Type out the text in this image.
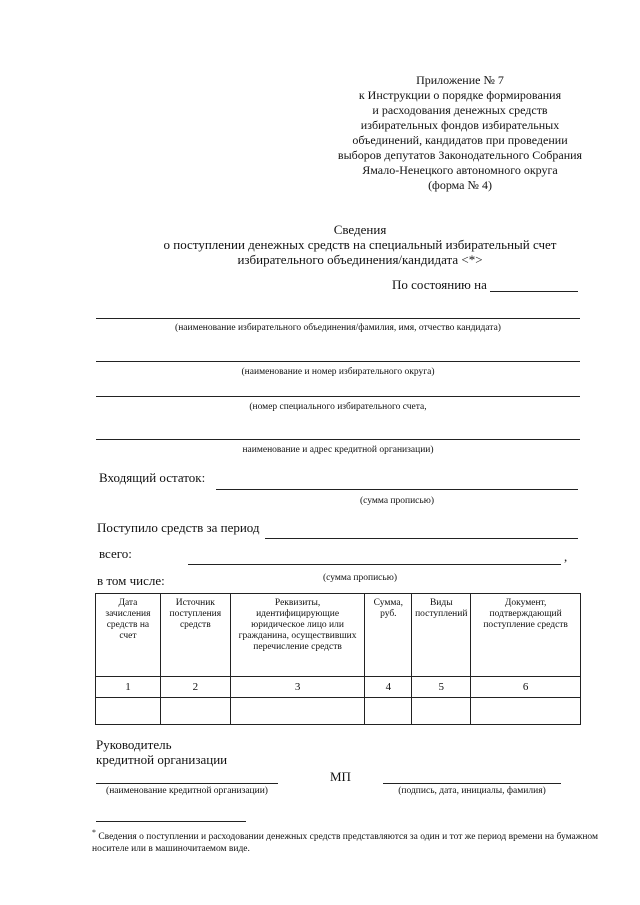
Приложение № 7
к Инструкции о порядке формирования
и расходования денежных средств
избирательных фондов избирательных
объединений, кандидатов при проведении
выборов депутатов Законодательного Собрания
Ямало-Ненецкого автономного округа
(форма № 4)
Сведения
о поступлении денежных средств на специальный избирательный счет
избирательного объединения/кандидата <*>
По состоянию на
(наименование избирательного объединения/фамилия, имя, отчество кандидата)
(наименование и номер избирательного округа)
(номер специального избирательного счета,
наименование и адрес кредитной организации)
Входящий остаток:
(сумма прописью)
Поступило средств за период
всего:	,
в том числе:	(сумма прописью)
Дата зачисления средств на счет	Источник поступления средств	Реквизиты, идентифицирующие юридическое лицо или гражданина, осуществивших перечисление средств	Сумма, руб.	Виды поступлений	Документ, подтверждающий поступление средств
1	2	3	4	5	6

Руководитель
кредитной организации
МП
(наименование кредитной организации)	(подпись, дата, инициалы, фамилия)
* Сведения о поступлении и расходовании денежных средств представляются за один и тот же период времени на бумажном носителе или в машиночитаемом виде.
